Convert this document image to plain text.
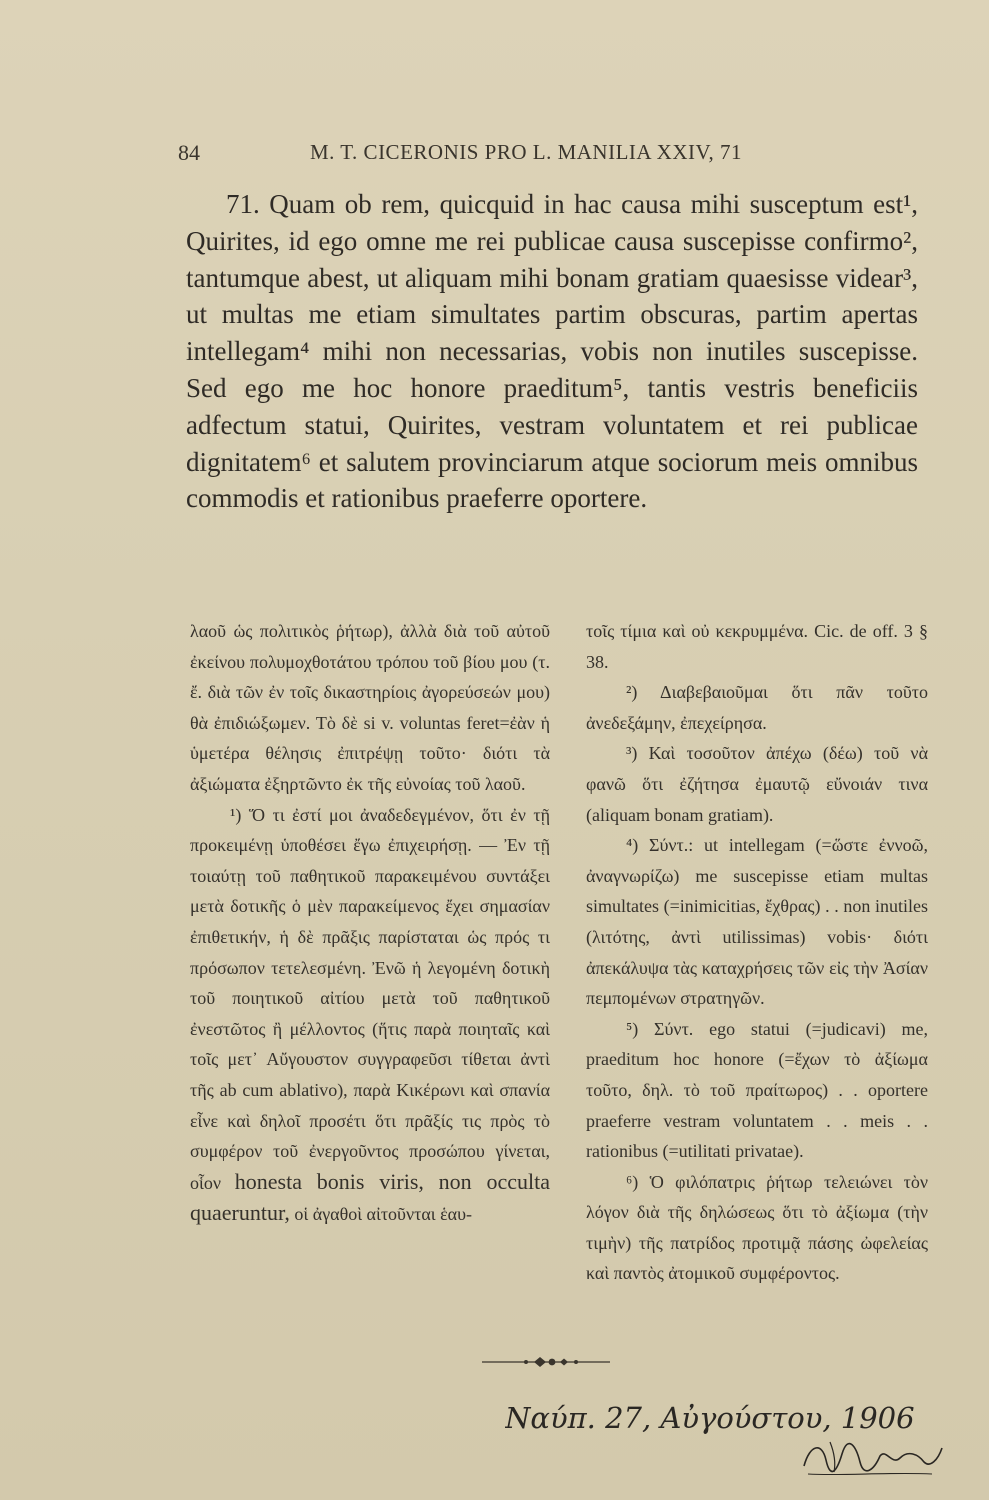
84	M. T. CICERONIS PRO L. MANILIA XXIV, 71

71. Quam ob rem, quicquid in hac causa mihi susceptum est¹, Quirites, id ego omne me rei publicae causa suscepisse confirmo², tantumque abest, ut aliquam mihi bonam gratiam quaesisse videar³, ut multas me etiam simultates partim obscuras, partim apertas intellegam⁴ mihi non necessarias, vobis non inutiles suscepisse. Sed ego me hoc honore praeditum⁵, tantis vestris beneficiis adfectum statui, Quirites, vestram voluntatem et rei publicae dignitatem⁶ et salutem provinciarum atque sociorum meis omnibus commodis et rationibus praeferre oportere.

λαοῦ ὡς πολιτικὸς ῥήτωρ), ἀλλὰ διὰ τοῦ αὐτοῦ ἐκείνου πολυμοχθοτάτου τρόπου τοῦ βίου μου (τ. ἔ. διὰ τῶν ἐν τοῖς δικαστηρίοις ἀγορεύσεών μου) θὰ ἐπιδιώξωμεν. Τὸ δὲ si v. voluntas feret=ἐὰν ἡ ὑμετέρα θέλησις ἐπιτρέψῃ τοῦτο· διότι τὰ ἀξιώματα ἐξηρτῶντο ἐκ τῆς εὐνοίας τοῦ λαοῦ.

¹) Ὅ τι ἐστί μοι ἀναδεδεγμένον, ὅτι ἐν τῇ προκειμένῃ ὑποθέσει ἔγω ἐπιχειρήσῃ. — Ἐν τῇ τοιαύτῃ τοῦ παθητικοῦ παρακειμένου συντάξει μετὰ δοτικῆς ὁ μὲν παρακείμενος ἔχει σημασίαν ἐπιθετικήν, ἡ δὲ πρᾶξις παρίσταται ὡς πρός τι πρόσωπον τετελεσμένη. Ἐνῶ ἡ λεγομένη δοτικὴ τοῦ ποιητικοῦ αἰτίου μετὰ τοῦ παθητικοῦ ἐνεστῶτος ἢ μέλλοντος (ἥτις παρὰ ποιηταῖς καὶ τοῖς μετ᾽ Αὔγουστον συγγραφεῦσι τίθεται ἀντὶ τῆς ab cum ablativo), παρὰ Κικέρωνι καὶ σπανία εἶνε καὶ δηλοῖ προσέτι ὅτι πρᾶξίς τις πρὸς τὸ συμφέρον τοῦ ἐνεργοῦντος προσώπου γίνεται, οἷον honesta bonis viris, non occulta quaeruntur, οἱ ἀγαθοὶ αἰτοῦνται ἑαυ-

τοῖς τίμια καὶ οὐ κεκρυμμένα. Cic. de off. 3 § 38.

²) Διαβεβαιοῦμαι ὅτι πᾶν τοῦτο ἀνεδεξάμην, ἐπεχείρησα.

³) Καὶ τοσοῦτον ἀπέχω (δέω) τοῦ νὰ φανῶ ὅτι ἐζήτησα ἐμαυτῷ εὔνοιάν τινα (aliquam bonam gratiam).

⁴) Σύντ.: ut intellegam (=ὥστε ἐννοῶ, ἀναγνωρίζω) me suscepisse etiam multas simultates (=inimicitias, ἔχθρας) . . non inutiles (λιτότης, ἀντὶ utilissimas) vobis· διότι ἀπεκάλυψα τὰς καταχρήσεις τῶν εἰς τὴν Ἀσίαν πεμπομένων στρατηγῶν.

⁵) Σύντ. ego statui (=judicavi) me, praeditum hoc honore (=ἔχων τὸ ἀξίωμα τοῦτο, δηλ. τὸ τοῦ πραίτωρος) . . oportere praeferre vestram voluntatem . . meis . . rationibus (=utilitati privatae).

⁶) Ὁ φιλόπατρις ῥήτωρ τελειώνει τὸν λόγον διὰ τῆς δηλώσεως ὅτι τὸ ἀξίωμα (τὴν τιμὴν) τῆς πατρίδος προτιμᾷ πάσης ὠφελείας καὶ παντὸς ἀτομικοῦ συμφέροντος.

Ναύπ. 27, Αὐγούστου, 1906
